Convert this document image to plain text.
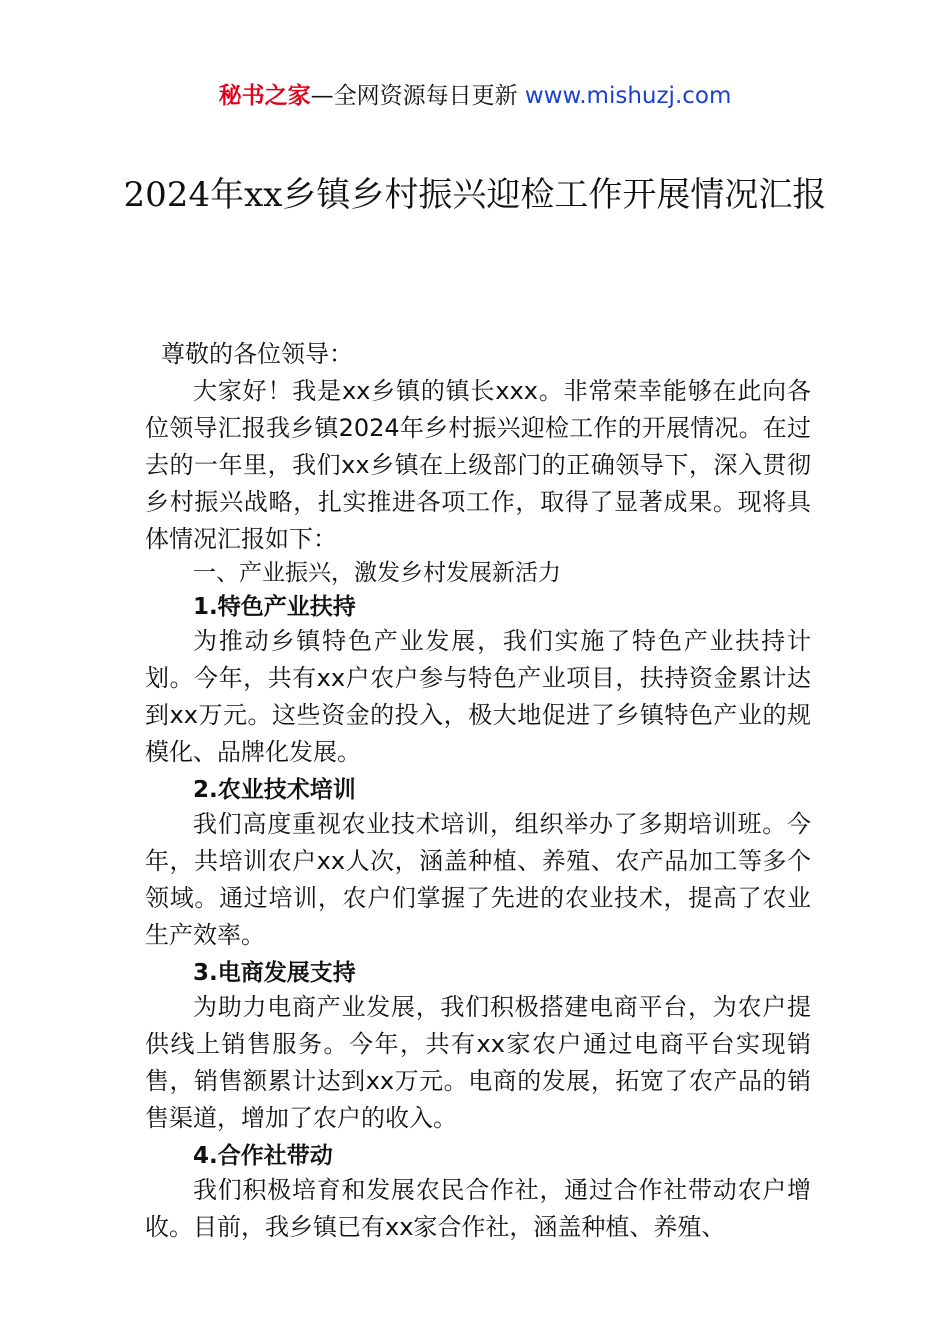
秘书之家—全网资源每日更新 www.mishuzj.com
2024年xx乡镇乡村振兴迎检工作开展情况汇报

尊敬的各位领导：

大家好！我是xx乡镇的镇长xxx。非常荣幸能够在此向各位领导汇报我乡镇2024年乡村振兴迎检工作的开展情况。在过去的一年里，我们xx乡镇在上级部门的正确领导下，深入贯彻乡村振兴战略，扎实推进各项工作，取得了显著成果。现将具体情况汇报如下：

一、产业振兴，激发乡村发展新活力

1.特色产业扶持

为推动乡镇特色产业发展，我们实施了特色产业扶持计划。今年，共有xx户农户参与特色产业项目，扶持资金累计达到xx万元。这些资金的投入，极大地促进了乡镇特色产业的规模化、品牌化发展。

2.农业技术培训

我们高度重视农业技术培训，组织举办了多期培训班。今年，共培训农户xx人次，涵盖种植、养殖、农产品加工等多个领域。通过培训，农户们掌握了先进的农业技术，提高了农业生产效率。

3.电商发展支持

为助力电商产业发展，我们积极搭建电商平台，为农户提供线上销售服务。今年，共有xx家农户通过电商平台实现销售，销售额累计达到xx万元。电商的发展，拓宽了农产品的销售渠道，增加了农户的收入。

4.合作社带动

我们积极培育和发展农民合作社，通过合作社带动农户增收。目前，我乡镇已有xx家合作社，涵盖种植、养殖、
